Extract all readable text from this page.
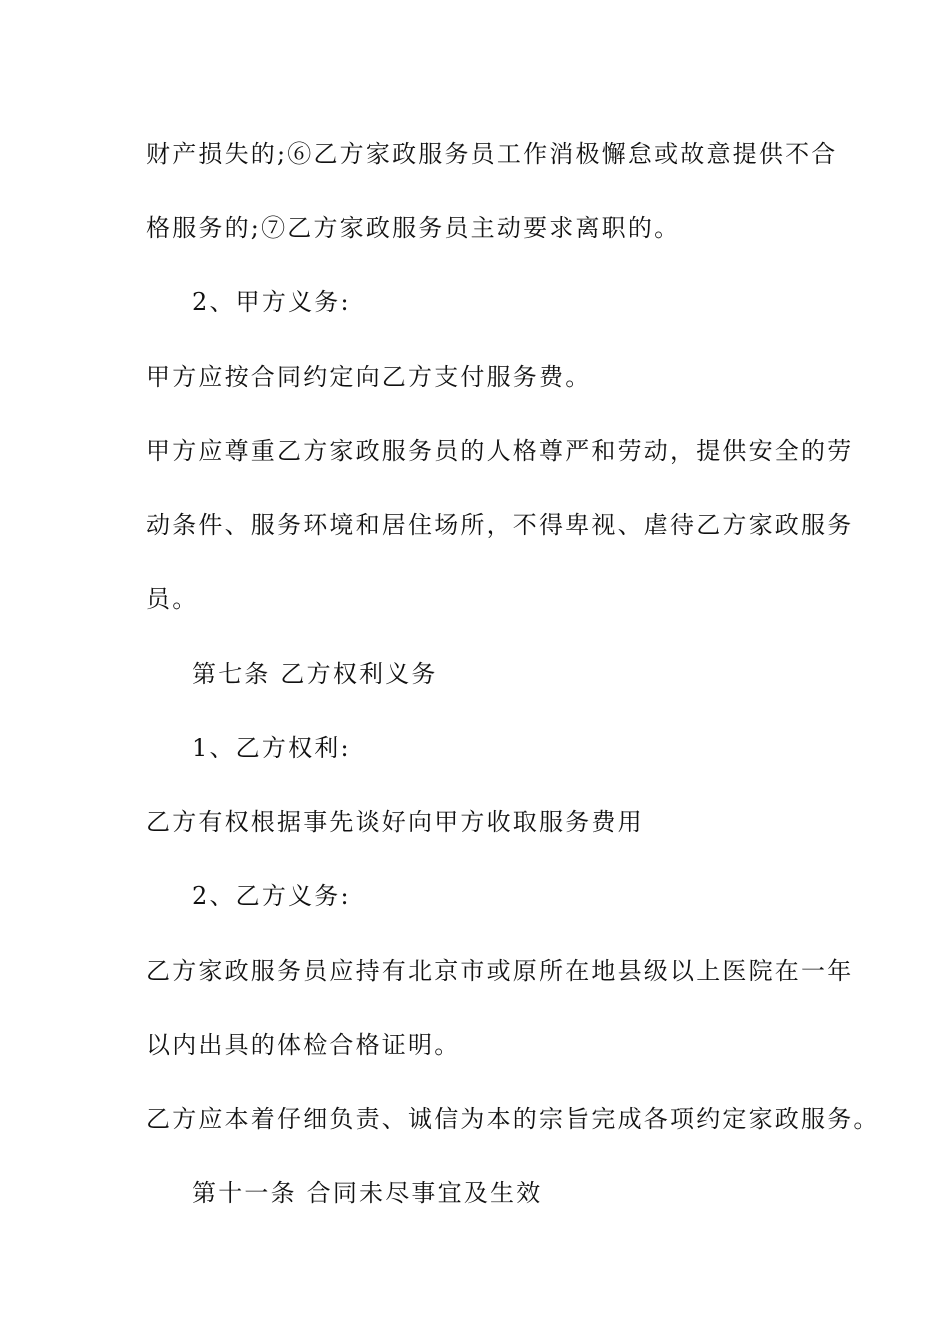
财产损失的;⑥乙方家政服务员工作消极懈怠或故意提供不合
格服务的;⑦乙方家政服务员主动要求离职的。
2、甲方义务:
甲方应按合同约定向乙方支付服务费。
甲方应尊重乙方家政服务员的人格尊严和劳动，提供安全的劳
动条件、服务环境和居住场所，不得卑视、虐待乙方家政服务
员。
第七条 乙方权利义务
1、乙方权利:
乙方有权根据事先谈好向甲方收取服务费用
2、乙方义务:
乙方家政服务员应持有北京市或原所在地县级以上医院在一年
以内出具的体检合格证明。
乙方应本着仔细负责、诚信为本的宗旨完成各项约定家政服务。
第十一条 合同未尽事宜及生效
